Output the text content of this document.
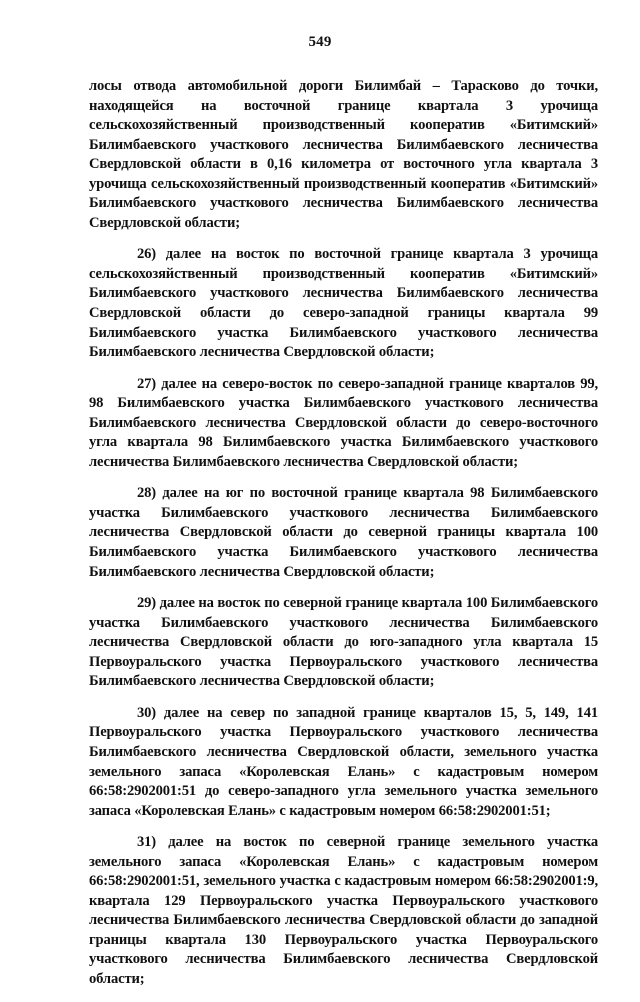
549

лосы отвода автомобильной дороги Билимбай – Тарасково до точки, находящейся на восточной границе квартала 3 урочища сельскохозяйственный производственный кооператив «Битимский» Билимбаевского участкового лесничества Билимбаевского лесничества Свердловской области в 0,16 километра от восточного угла квартала 3 урочища сельскохозяйственный производственный кооператив «Битимский» Билимбаевского участкового лесничества Билимбаевского лесничества Свердловской области;

26) далее на восток по восточной границе квартала 3 урочища сельскохозяйственный производственный кооператив «Битимский» Билимбаевского участкового лесничества Билимбаевского лесничества Свердловской области до северо-западной границы квартала 99 Билимбаевского участка Билимбаевского участкового лесничества Билимбаевского лесничества Свердловской области;

27) далее на северо-восток по северо-западной границе кварталов 99, 98 Билимбаевского участка Билимбаевского участкового лесничества Билимбаевского лесничества Свердловской области до северо-восточного угла квартала 98 Билимбаевского участка Билимбаевского участкового лесничества Билимбаевского лесничества Свердловской области;

28) далее на юг по восточной границе квартала 98 Билимбаевского участка Билимбаевского участкового лесничества Билимбаевского лесничества Свердловской области до северной границы квартала 100 Билимбаевского участка Билимбаевского участкового лесничества Билимбаевского лесничества Свердловской области;

29) далее на восток по северной границе квартала 100 Билимбаевского участка Билимбаевского участкового лесничества Билимбаевского лесничества Свердловской области до юго-западного угла квартала 15 Первоуральского участка Первоуральского участкового лесничества Билимбаевского лесничества Свердловской области;

30) далее на север по западной границе кварталов 15, 5, 149, 141 Первоуральского участка Первоуральского участкового лесничества Билимбаевского лесничества Свердловской области, земельного участка земельного запаса «Королевская Елань» с кадастровым номером 66:58:2902001:51 до северо-западного угла земельного участка земельного запаса «Королевская Елань» с кадастровым номером 66:58:2902001:51;

31) далее на восток по северной границе земельного участка земельного запаса «Королевская Елань» с кадастровым номером 66:58:2902001:51, земельного участка с кадастровым номером 66:58:2902001:9, квартала 129 Первоуральского участка Первоуральского участкового лесничества Билимбаевского лесничества Свердловской области до западной границы квартала 130 Первоуральского участка Первоуральского участкового лесничества Билимбаевского лесничества Свердловской области;
